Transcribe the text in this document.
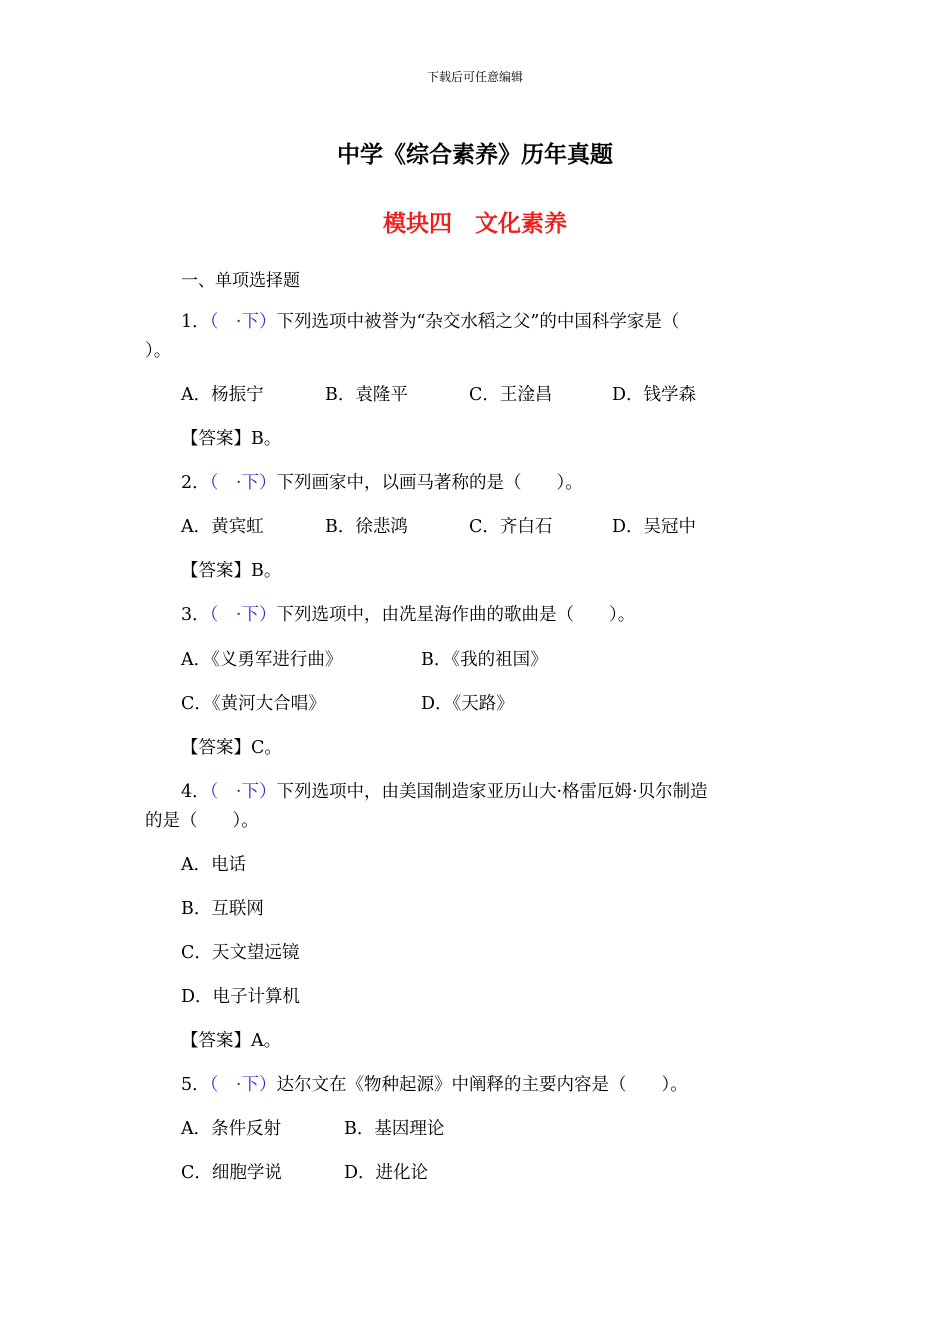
下载后可任意编辑
中学《综合素养》历年真题
模块四　文化素养
一、单项选择题
1．（　·下）下列选项中被誉为“杂交水稻之父”的中国科学家是（
）。
A．杨振宁	B．袁隆平	C．王淦昌	D．钱学森
【答案】B。
2．（　·下）下列画家中，以画马著称的是（　　）。
A．黄宾虹	B．徐悲鸿	C．齐白石	D．吴冠中
【答案】B。
3．（　·下）下列选项中，由冼星海作曲的歌曲是（　　）。
A．《义勇军进行曲》	B．《我的祖国》
C．《黄河大合唱》	D．《天路》
【答案】C。
4．（　·下）下列选项中，由美国制造家亚历山大·格雷厄姆·贝尔制造
的是（　　）。
A．电话
B．互联网
C．天文望远镜
D．电子计算机
【答案】A。
5．（　·下）达尔文在《物种起源》中阐释的主要内容是（　　）。
A．条件反射	B．基因理论
C．细胞学说	D．进化论
